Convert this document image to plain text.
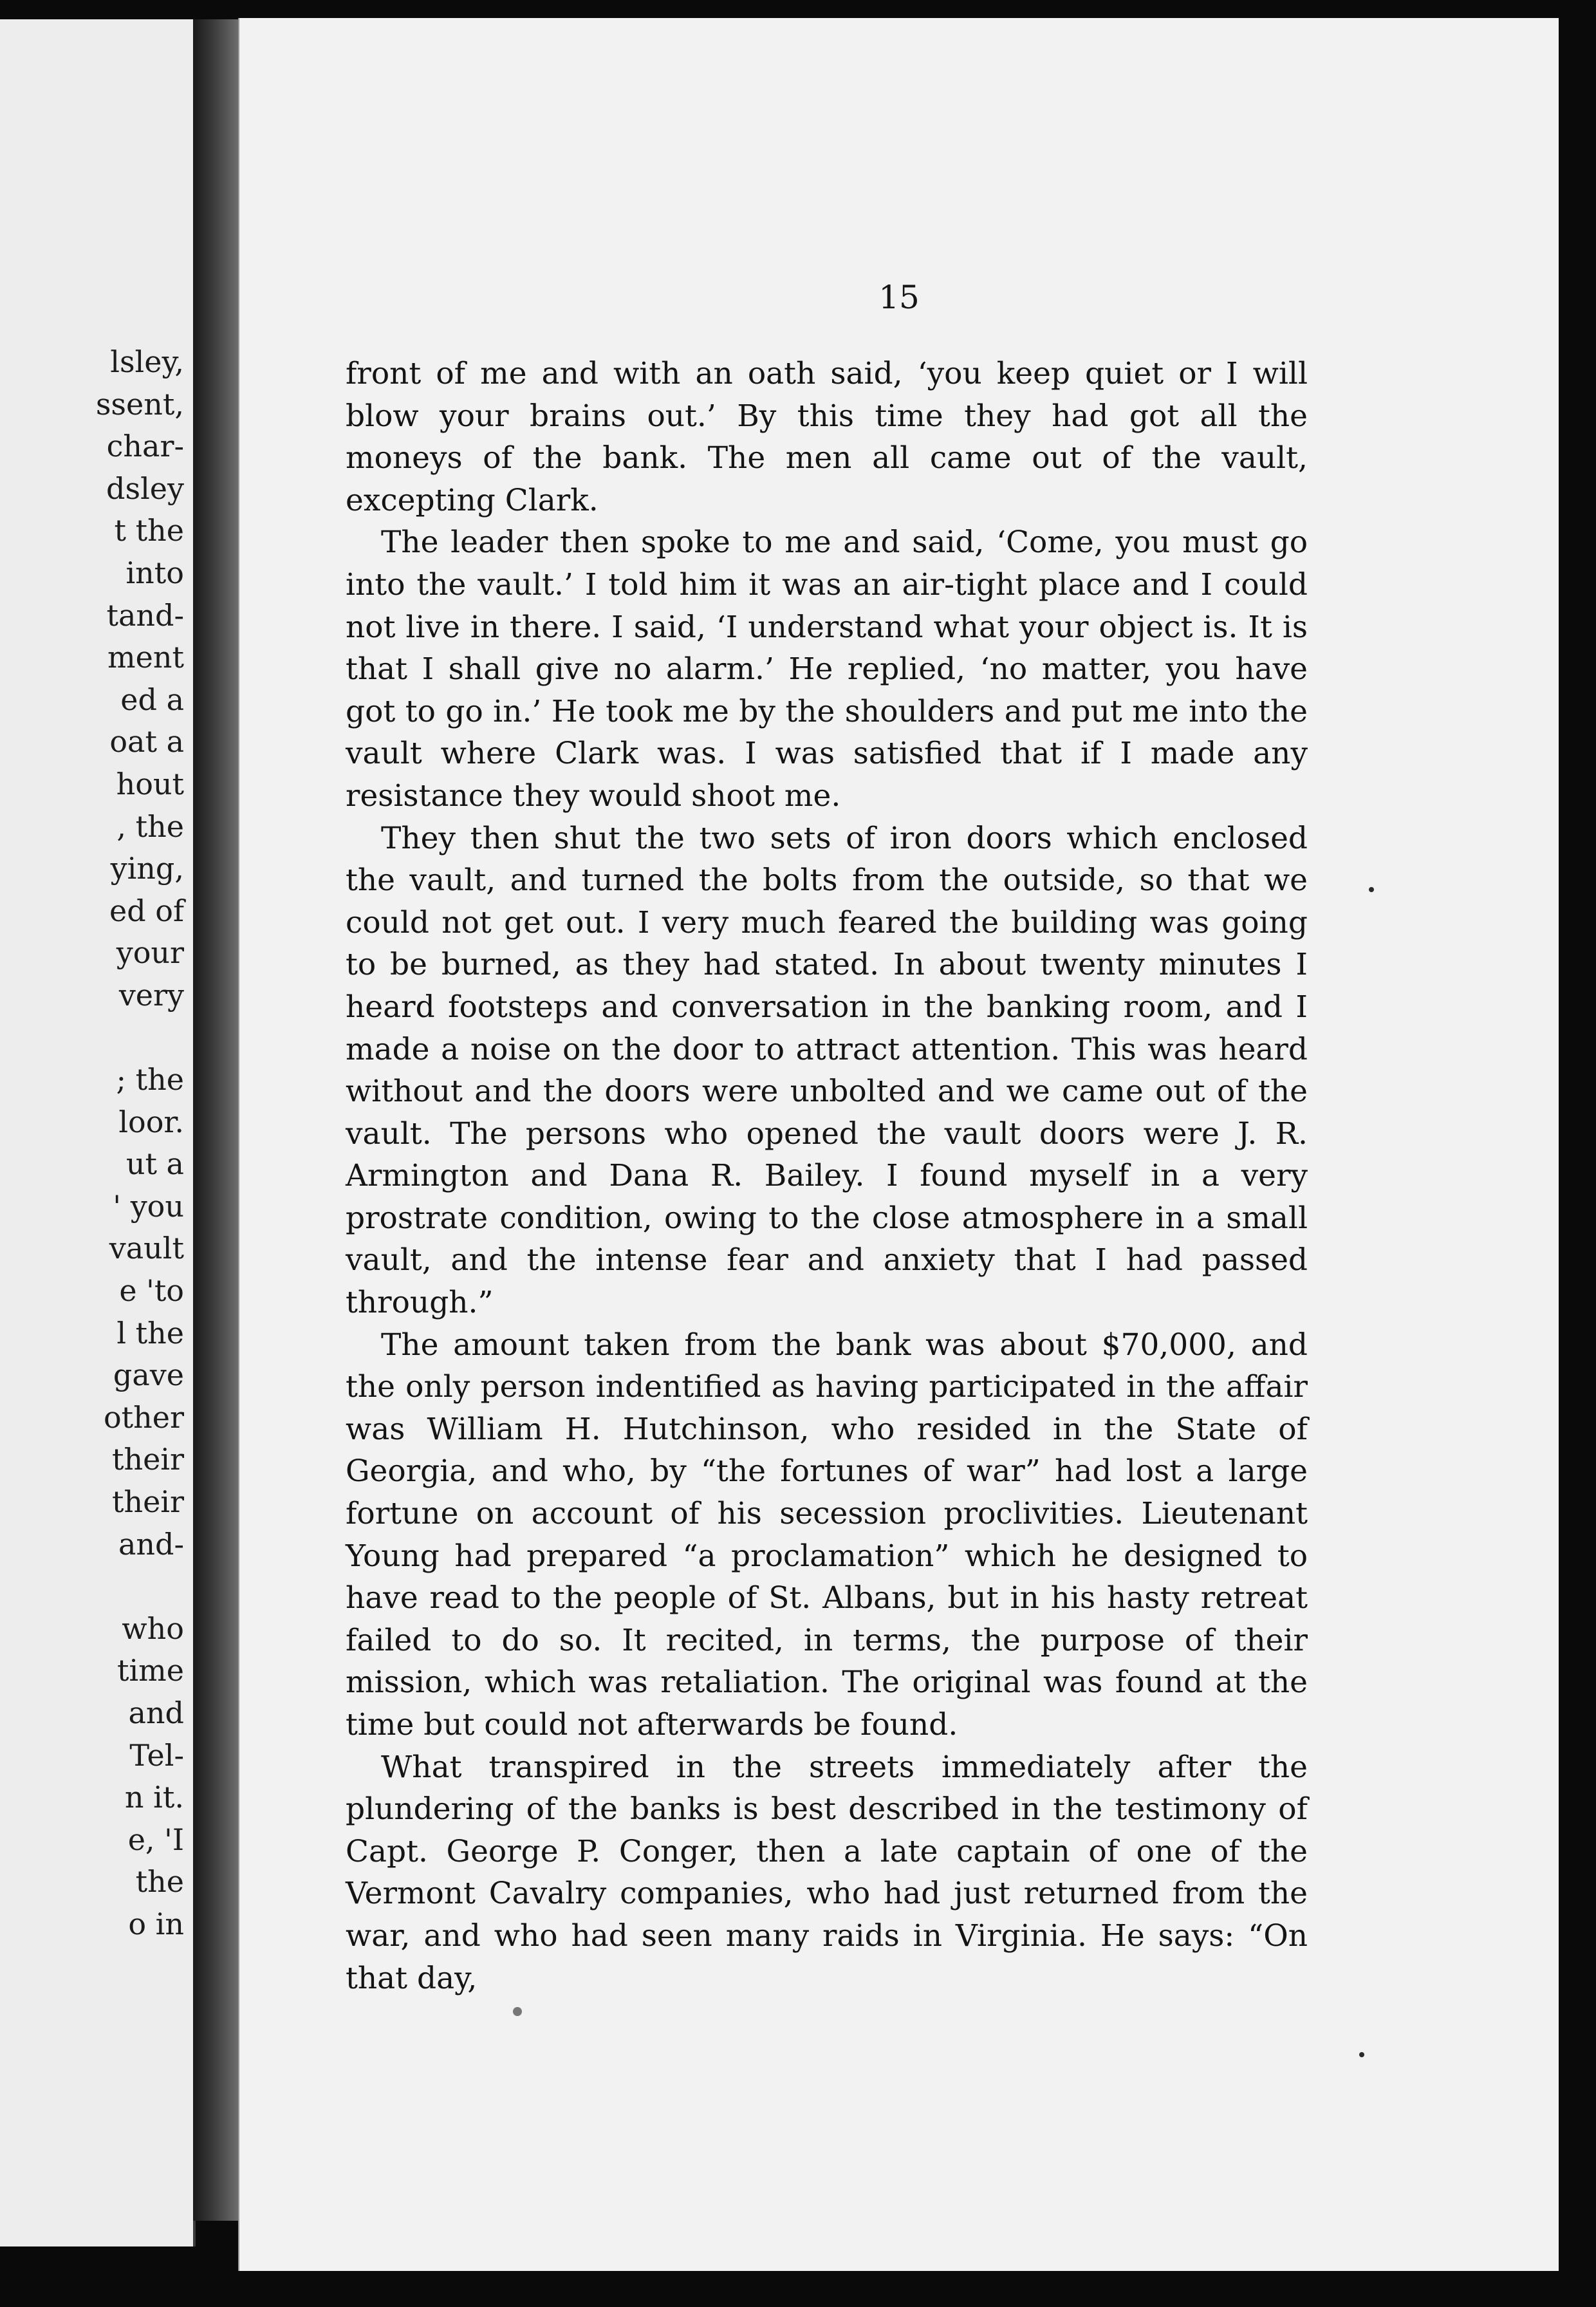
lsley,
ssent,
char-
dsley
t the
into
tand-
ment
ed a
oat a
hout
, the
ying,
ed of
your
very
; the
loor.
ut a
' you
vault
e 'to
l the
gave
other
their
their
and-
who
time
and
Tel-
n it.
e, 'I
the
o in

15

front of me and with an oath said, ‘you keep quiet or I will blow your brains out.’ By this time they had got all the moneys of the bank. The men all came out of the vault, excepting Clark.

The leader then spoke to me and said, ‘Come, you must go into the vault.’ I told him it was an air-tight place and I could not live in there. I said, ‘I understand what your object is. It is that I shall give no alarm.’ He replied, ‘no matter, you have got to go in.’ He took me by the shoulders and put me into the vault where Clark was. I was satisfied that if I made any resistance they would shoot me.

They then shut the two sets of iron doors which enclosed the vault, and turned the bolts from the outside, so that we could not get out. I very much feared the building was going to be burned, as they had stated. In about twenty minutes I heard footsteps and conversation in the banking room, and I made a noise on the door to attract attention. This was heard without and the doors were unbolted and we came out of the vault. The persons who opened the vault doors were J. R. Armington and Dana R. Bailey. I found myself in a very prostrate condition, owing to the close atmosphere in a small vault, and the intense fear and anxiety that I had passed through.”

The amount taken from the bank was about $70,000, and the only person indentified as having participated in the affair was William H. Hutchinson, who resided in the State of Georgia, and who, by “the fortunes of war” had lost a large fortune on account of his secession proclivities. Lieutenant Young had prepared “a proclamation” which he designed to have read to the people of St. Albans, but in his hasty retreat failed to do so. It recited, in terms, the purpose of their mission, which was retaliation. The original was found at the time but could not afterwards be found.

What transpired in the streets immediately after the plundering of the banks is best described in the testimony of Capt. George P. Conger, then a late captain of one of the Vermont Cavalry companies, who had just returned from the war, and who had seen many raids in Virginia. He says: “On that day,
